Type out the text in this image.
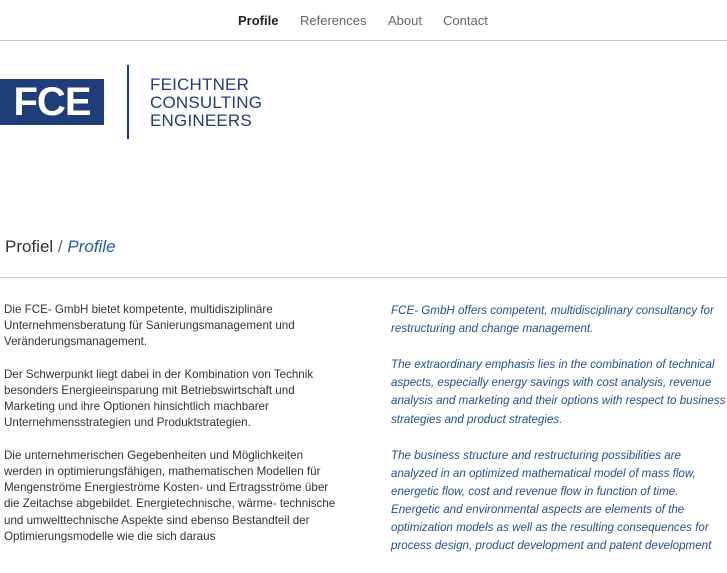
Profile References About Contact
FCE	FEICHTNER
CONSULTING
ENGINEERS
Profiel / Profile

Die FCE- GmbH bietet kompetente, multidisziplinäre Unternehmensberatung für Sanierungsmanagement und Veränderungsmanagement.

Der Schwerpunkt liegt dabei in der Kombination von Technik besonders Energieeinsparung mit Betriebswirtschaft und Marketing und ihre Optionen hinsichtlich machbarer Unternehmensstrategien und Produktstrategien.

Die unternehmerischen Gegebenheiten und Möglichkeiten werden in optimierungsfähigen, mathematischen Modellen für Mengenströme Energieströme Kosten- und Ertragsströme über die Zeitachse abgebildet. Energietechnische, wärme- technische und umwelttechnische Aspekte sind ebenso Bestandteil der Optimierungsmodelle wie die sich daraus

FCE- GmbH offers competent, multidisciplinary consultancy for restructuring and change management.

The extraordinary emphasis lies in the combination of technical aspects, especially energy savings with cost analysis, revenue analysis and marketing and their options with respect to business strategies and product strategies.

The business structure and restructuring possibilities are analyzed in an optimized mathematical model of mass flow, energetic flow, cost and revenue flow in function of time. Energetic and environmental aspects are elements of the optimization models as well as the resulting consequences for process design, product development and patent development
